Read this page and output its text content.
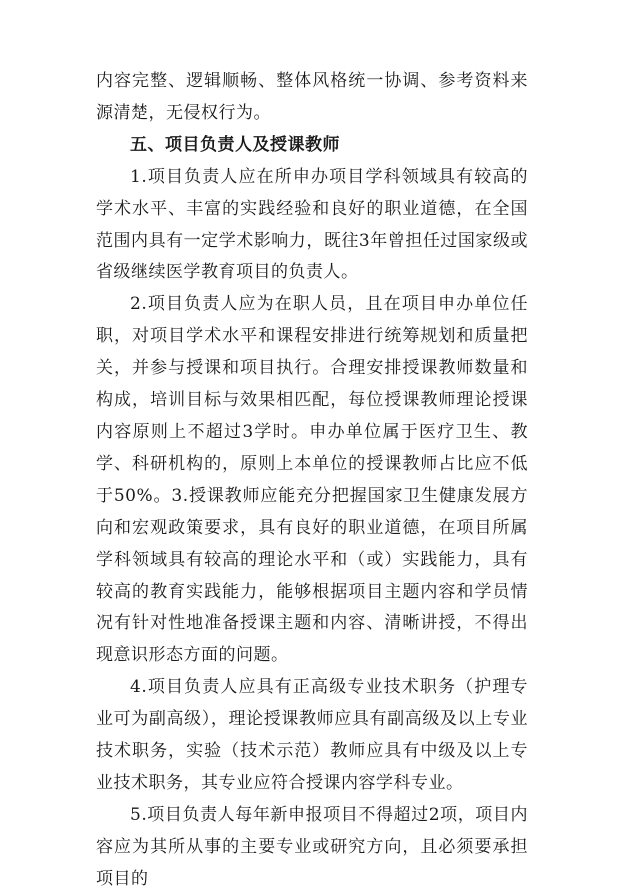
内容完整、逻辑顺畅、整体风格统一协调、参考资料来源清楚，无侵权行为。

五、项目负责人及授课教师

1.项目负责人应在所申办项目学科领域具有较高的学术水平、丰富的实践经验和良好的职业道德，在全国范围内具有一定学术影响力，既往3年曾担任过国家级或省级继续医学教育项目的负责人。

2.项目负责人应为在职人员，且在项目申办单位任职，对项目学术水平和课程安排进行统筹规划和质量把关，并参与授课和项目执行。合理安排授课教师数量和构成，培训目标与效果相匹配，每位授课教师理论授课内容原则上不超过3学时。申办单位属于医疗卫生、教学、科研机构的，原则上本单位的授课教师占比应不低于50%。3.授课教师应能充分把握国家卫生健康发展方向和宏观政策要求，具有良好的职业道德，在项目所属学科领域具有较高的理论水平和（或）实践能力，具有较高的教育实践能力，能够根据项目主题内容和学员情况有针对性地准备授课主题和内容、清晰讲授，不得出现意识形态方面的问题。

4.项目负责人应具有正高级专业技术职务（护理专业可为副高级），理论授课教师应具有副高级及以上专业技术职务，实验（技术示范）教师应具有中级及以上专业技术职务，其专业应符合授课内容学科专业。

5.项目负责人每年新申报项目不得超过2项，项目内容应为其所从事的主要专业或研究方向，且必须要承担项目的
